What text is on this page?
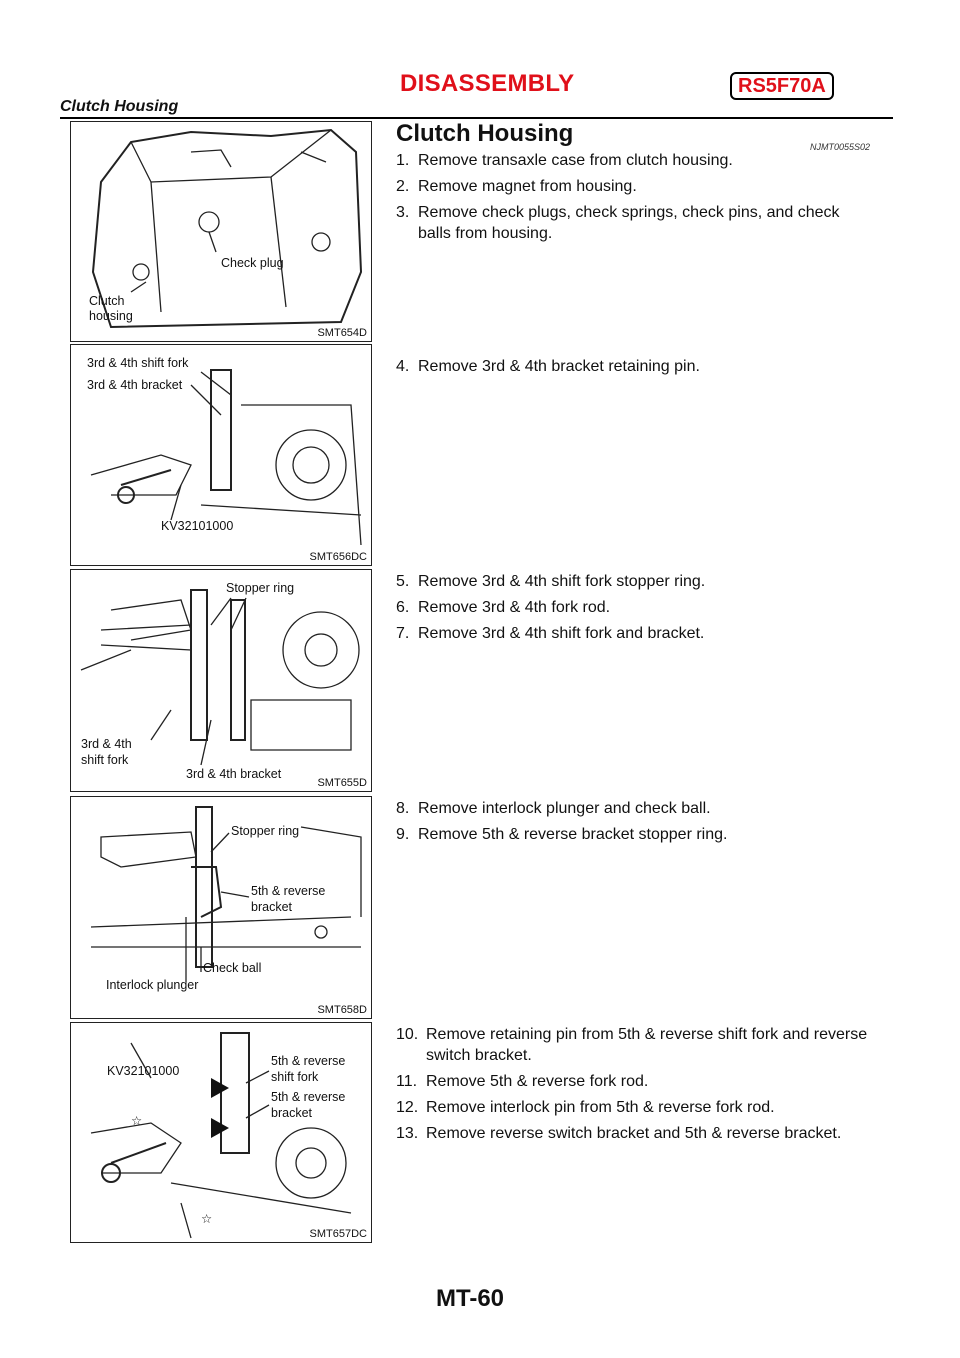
DISASSEMBLY	RS5F70A
Clutch Housing
Check plug
Clutch
housing
SMT654D
3rd & 4th shift fork
3rd & 4th bracket
KV32101000
SMT656DC
Stopper ring
3rd & 4th
shift fork
3rd & 4th bracket
SMT655D
Stopper ring
5th & reverse
bracket
Check ball
Interlock plunger
SMT658D
KV32101000
5th & reverse
shift fork
5th & reverse
bracket
☆
☆
SMT657DC
Clutch Housing	NJMT0055S02
1. Remove transaxle case from clutch housing.
2. Remove magnet from housing.
3. Remove check plugs, check springs, check pins, and check
balls from housing.
4. Remove 3rd & 4th bracket retaining pin.
5. Remove 3rd & 4th shift fork stopper ring.
6. Remove 3rd & 4th fork rod.
7. Remove 3rd & 4th shift fork and bracket.
8. Remove interlock plunger and check ball.
9. Remove 5th & reverse bracket stopper ring.
10. Remove retaining pin from 5th & reverse shift fork and reverse
switch bracket.
11. Remove 5th & reverse fork rod.
12. Remove interlock pin from 5th & reverse fork rod.
13. Remove reverse switch bracket and 5th & reverse bracket.
MT-60
